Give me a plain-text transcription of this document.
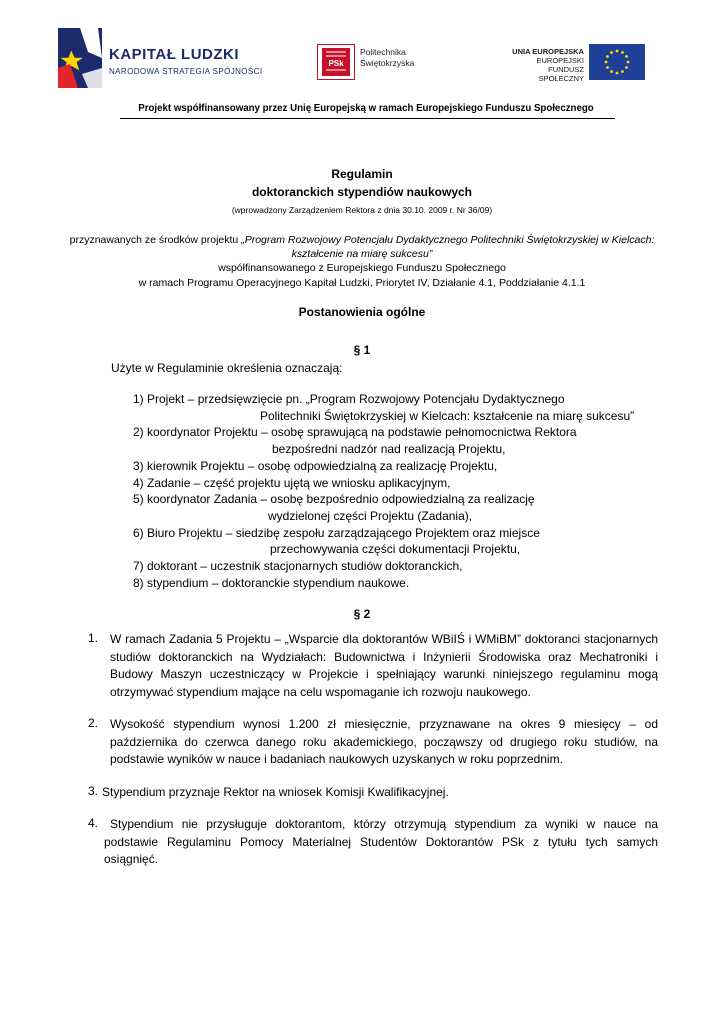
KAPITAŁ LUDZKI
NARODOWA STRATEGIA SPÓJNOŚCI
PSk
Politechnika
Świętokrzyska
UNIA EUROPEJSKA
EUROPEJSKI
FUNDUSZ SPOŁECZNY
Projekt współfinansowany przez Unię Europejską w ramach Europejskiego Funduszu Społecznego
Regulamin
doktoranckich stypendiów naukowych
(wprowadzony Zarządzeniem Rektora z dnia 30.10. 2009 r. Nr 36/09)
przyznawanych ze środków projektu „Program Rozwojowy Potencjału Dydaktycznego Politechniki Świętokrzyskiej w Kielcach:
kształcenie na miarę sukcesu”
współfinansowanego z Europejskiego Funduszu Społecznego
w ramach Programu Operacyjnego Kapitał Ludzki, Priorytet IV, Działanie 4.1, Poddziałanie 4.1.1
Postanowienia ogólne
§ 1
Użyte w Regulaminie określenia oznaczają:
1) Projekt – przedsięwzięcie pn. „Program Rozwojowy Potencjału Dydaktycznego
Politechniki Świętokrzyskiej w Kielcach: kształcenie na miarę sukcesu”
2) koordynator Projektu – osobę sprawującą na podstawie pełnomocnictwa Rektora
bezpośredni nadzór nad realizacją Projektu,
3) kierownik Projektu – osobę odpowiedzialną za realizację Projektu,
4) Zadanie – część projektu ujętą we wniosku aplikacyjnym,
5) koordynator Zadania – osobę bezpośrednio odpowiedzialną za realizację
wydzielonej części Projektu (Zadania),
6) Biuro Projektu – siedzibę zespołu zarządzającego Projektem oraz miejsce
przechowywania części dokumentacji Projektu,
7) doktorant – uczestnik stacjonarnych studiów doktoranckich,
8) stypendium – doktoranckie stypendium naukowe.
§ 2
1. W ramach Zadania 5 Projektu – „Wsparcie dla doktorantów WBiIŚ i WMiBM” doktoranci stacjonarnych studiów doktoranckich na Wydziałach: Budownictwa i Inżynierii Środowiska oraz Mechatroniki i Budowy Maszyn uczestniczący w Projekcie i spełniający warunki niniejszego regulaminu mogą otrzymywać stypendium mające na celu wspomaganie ich rozwoju naukowego.
2. Wysokość stypendium wynosi 1.200 zł miesięcznie, przyznawane na okres 9 miesięcy – od października do czerwca danego roku akademickiego, począwszy od drugiego roku studiów, na podstawie wyników w nauce i badaniach naukowych uzyskanych w roku poprzednim.
3. Stypendium przyznaje Rektor na wniosek Komisji Kwalifikacyjnej.
4. Stypendium nie przysługuje doktorantom, którzy otrzymują stypendium za wyniki w nauce na podstawie Regulaminu Pomocy Materialnej Studentów Doktorantów PSk z tytułu tych samych osiągnięć.
